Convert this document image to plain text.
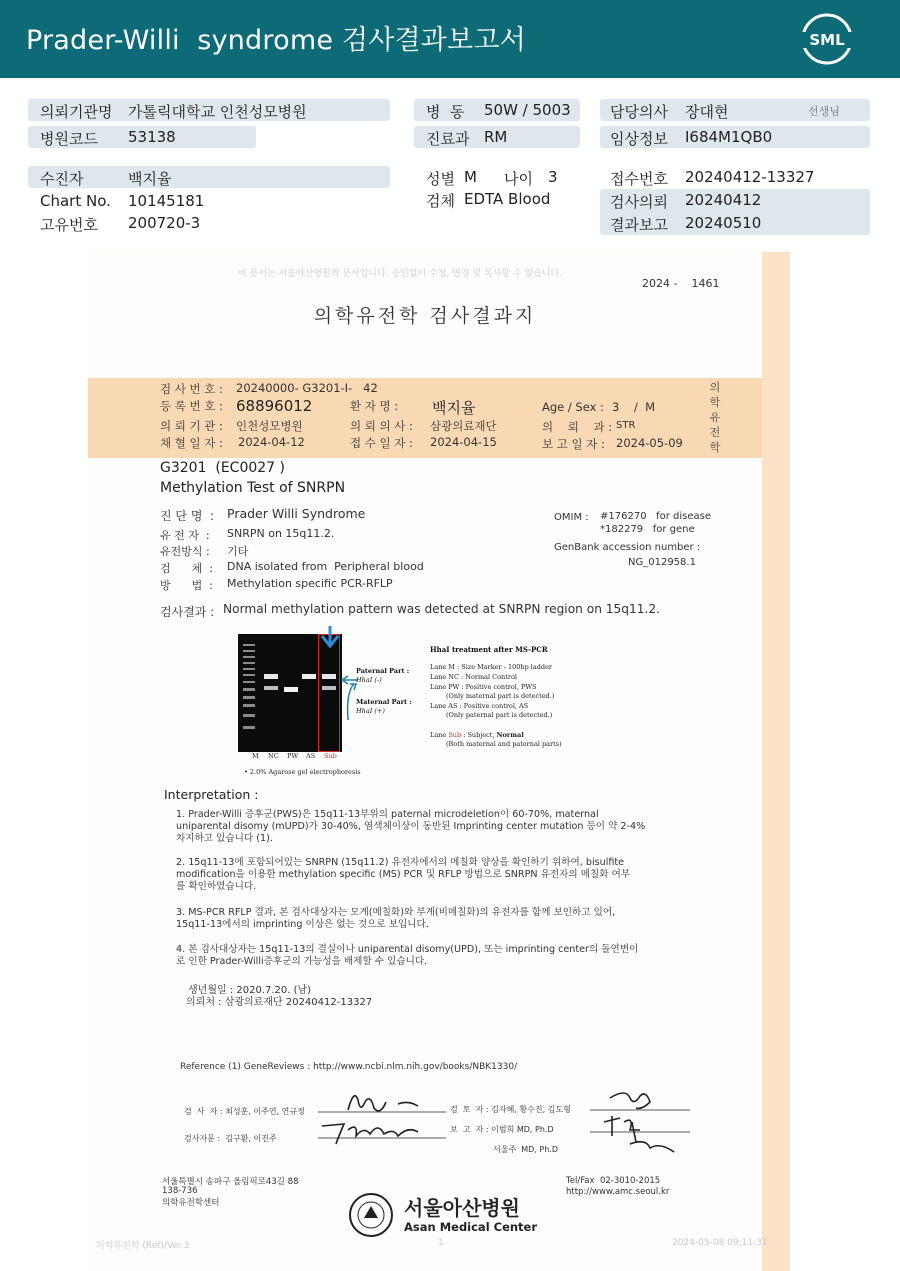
Prader-Willi  syndrome 검사결과보고서	SML
의뢰기관명 가톨릭대학교 인천성모병원
병원코드 53138
병  동 50W / 5003
진료과 RM
담당의사 장대현	선생님
임상정보 I684M1QB0
수진자	백지율
Chart No. 10145181
고유번호 200720-3
성별 M 나이 3
검체 EDTA Blood
접수번호 20240412-13327
검사의뢰 20240412
결과보고 20240510
이 문서는 서울아산병원의 문서입니다. 승인없이 수정, 변경 및 복사할 수 없습니다.
2024 -    1461
의학유전학 검사결과지
검 사 번 호 : 20240000- G3201-I-   42
등 록 번 호 : 68896012	환 자 명 : 백지율	Age / Sex : 3    /  M
의 뢰 기 관 : 인천성모병원	의 뢰 의 사 : 삼광의료재단	의    뢰    과 : STR
채 혈 일 자 : 2024-04-12	접 수 일 자 : 2024-04-15	보 고 일 자 : 2024-05-09
의
학
유
전
학
G3201  (EC0027 )
Methylation Test of SNRPN
진 단 명  : Prader Willi Syndrome
유 전 자  : SNRPN on 15q11.2.
유전방식 : 기타
검      체  : DNA isolated from  Peripheral blood
방      법  : Methylation specific PCR-RFLP
OMIM : #176270   for disease
*182279   for gene
GenBank accession number :
NG_012958.1
검사결과 : Normal methylation pattern was detected at SNRPN region on 15q11.2.
M NC PW AS Sub
• 2.0% Agarose gel electrophoresis
Paternal Part :
HhaI (-)
Maternal Part :
HhaI (+)
HhaI treatment after MS-PCR
Lane M : Size Marker - 100bp ladder
Lane NC : Normal Control
Lane PW : Positive control, PWS
(Only maternal part is detected.)
Lane AS : Positive control, AS
(Only paternal part is detected.)
Lane Sub : Subject, Normal
(Both maternal and paternal parts)
Interpretation :
1. Prader-Willi 증후군(PWS)은 15q11-13부위의 paternal microdeletion이 60-70%, maternal
uniparental disomy (mUPD)가 30-40%, 염색체이상이 동반된 Imprinting center mutation 등이 약 2-4%
차지하고 있습니다 (1).
2. 15q11-13에 포함되어있는 SNRPN (15q11.2) 유전자에서의 메칠화 양상을 확인하기 위하여, bisulfite
modification을 이용한 methylation specific (MS) PCR 및 RFLP 방법으로 SNRPN 유전자의 메칠화 여부
를 확인하였습니다.
3. MS-PCR RFLP 결과, 본 검사대상자는 모계(메칠화)와 부계(비메칠화)의 유전자를 함께 보인하고 있어,
15q11-13에서의 imprinting 이상은 없는 것으로 보입니다.
4. 본 검사대상자는 15q11-13의 결실이나 uniparental disomy(UPD), 또는 imprinting center의 돌연변이
로 인한 Prader-Willi증후군의 가능성을 배제할 수 있습니다.
생년월일 : 2020.7.20. (남)
의뢰처 : 삼광의료재단 20240412-13327
Reference (1) GeneReviews : http://www.ncbi.nlm.nih.gov/books/NBK1330/
검  사  자 : 최성훈, 이주연, 연규정
검사자문 :  김구환, 이진주
검  토  자 : 김자혜, 황수진, 김도형
보  고  자 : 이범희 MD, Ph.D
서울주  MD, Ph.D
서울특별시 송파구 올림픽로43길 88
138-736
의학유전학센터
Tel/Fax  02-3010-2015
http://www.amc.seoul.kr
서울아산병원
Asan Medical Center
의학유전학 (Ref)/Ver.3	1	2024-05-08 09:11:31
